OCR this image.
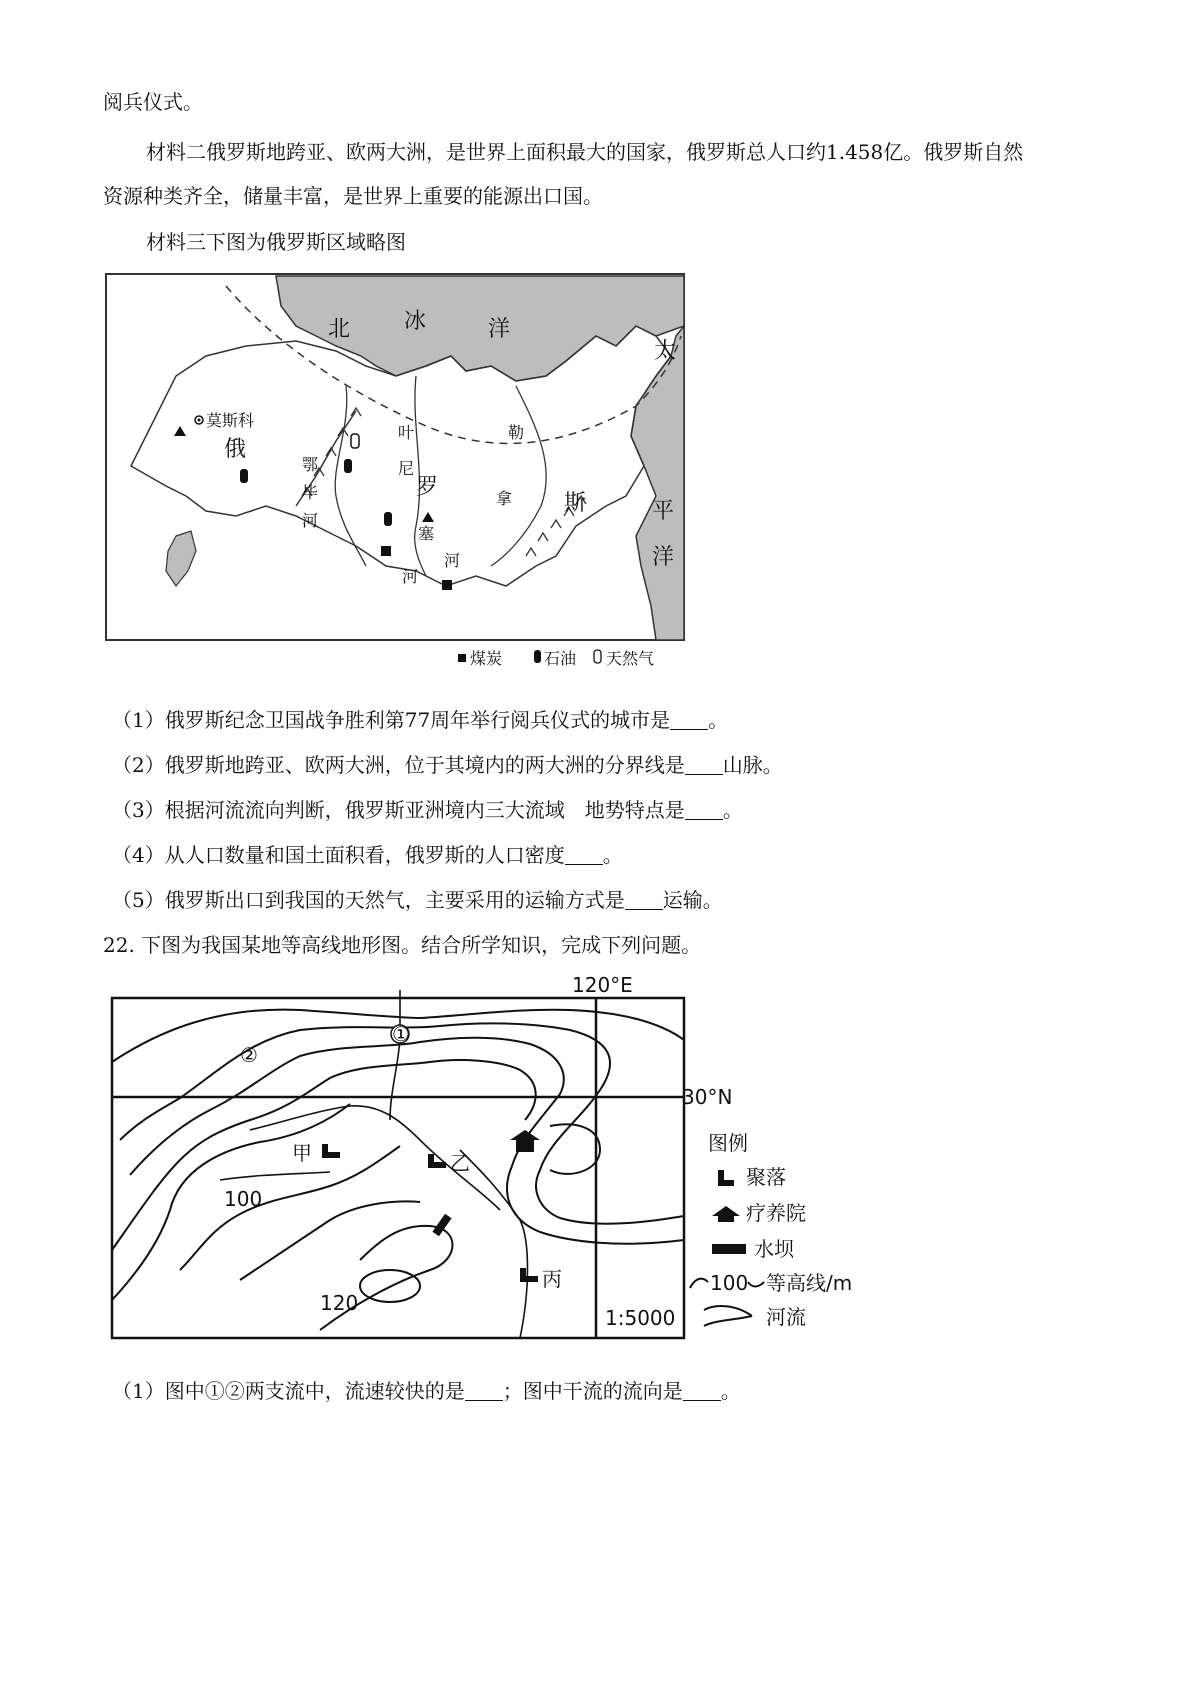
阅兵仪式。
材料二俄罗斯地跨亚、欧两大洲，是世界上面积最大的国家，俄罗斯总人口约1.458亿。俄罗斯自然
资源种类齐全，储量丰富，是世界上重要的能源出口国。
材料三下图为俄罗斯区域略图
莫斯科
俄
罗
斯
北 冰	洋
太
平
洋
鄂
毕
河
叶
尼
塞
河
勒
拿
河
煤炭	石油 天然气
（1）俄罗斯纪念卫国战争胜利第77周年举行阅兵仪式的城市是 。
（2）俄罗斯地跨亚、欧两大洲，位于其境内的两大洲的分界线是 山脉。
（3）根据河流流向判断，俄罗斯亚洲境内三大流域　地势特点是 。
（4）从人口数量和国土面积看，俄罗斯的人口密度 。
（5）俄罗斯出口到我国的天然气，主要采用的运输方式是 运输。
22. 下图为我国某地等高线地形图。结合所学知识，完成下列问题。
120°E
30°N
①
②
甲	乙
丙
100
120
1:5000
图例
聚落
疗养院
水坝
100 等高线/m
河流
（1）图中①②两支流中，流速较快的是 ；图中干流的流向是 。
